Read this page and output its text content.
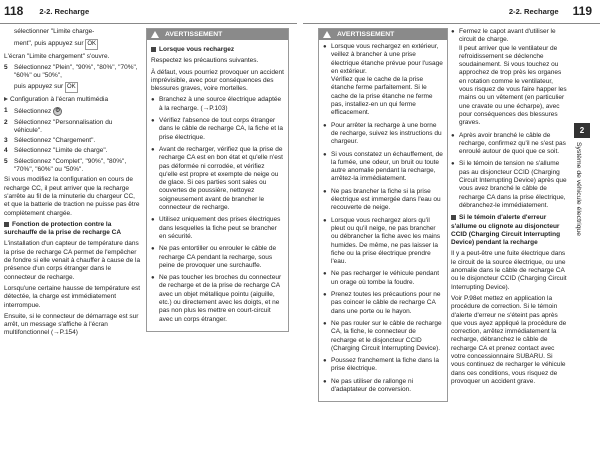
118 2-2. Recharge	2-2. Recharge 119

sélectionner "Limite charge-

ment", puis appuyez sur OK

L'écran "Limite chargement" s'ouvre.

5 Sélectionnez "Plein", "90%", "80%", "70%", "60%" ou "50%",

puis appuyez sur OK

Configuration à l'écran multimédia

1 Sélectionnez ⚙
2 Sélectionnez "Personnalisation du véhicule".
3 Sélectionnez "Chargement".
4 Sélectionnez "Limite de charge".
5 Sélectionnez "Complet", "90%", "80%", "70%", "60%" ou "50%".

Si vous modifiez la configuration en cours de recharge CC, il peut arriver que la recharge s'arrête au fil de la minuterie du chargeur CC, et que la batterie de traction ne puisse pas être complètement chargée.

Fonction de protection contre la surchauffe de la prise de recharge CA

L'installation d'un capteur de température dans la prise de recharge CA permet de l'empêcher de fondre si elle venait à chauffer à cause de la présence d'un corps étranger dans le connecteur de recharge.

Lorsqu'une certaine hausse de température est détectée, la charge est immédiatement interrompue.

Ensuite, si le connecteur de démarrage est sur arrêt, un message s'affiche à l'écran multifonctionnel (→P.154)

AVERTISSEMENT

Lorsque vous rechargez

Respectez les précautions suivantes.

À défaut, vous pourriez provoquer un accident imprévisible, avec pour conséquences des blessures graves, voire mortelles.

● Branchez à une source électrique adaptée à la recharge. (→P.103)
● Vérifiez l'absence de tout corps étranger dans le câble de recharge CA, la fiche et la prise électrique.
● Avant de recharger, vérifiez que la prise de recharge CA est en bon état et qu'elle n'est pas déformée ni corrodée, et vérifiez qu'elle est propre et exempte de neige ou de glace. Si ces parties sont sales ou couvertes de poussière, nettoyez soigneusement avant de brancher le connecteur de recharge.
● Utilisez uniquement des prises électriques dans lesquelles la fiche peut se brancher en sécurité.
● Ne pas entortiller ou enrouler le câble de recharge CA pendant la recharge, sous peine de provoquer une surchauffe.
● Ne pas toucher les broches du connecteur de recharge et de la prise de recharge CA avec un objet métallique pointu (aiguille, etc.) ou directement avec les doigts, et ne pas non plus les mettre en court-circuit avec un corps étranger.
AVERTISSEMENT
● Lorsque vous rechargez en extérieur, veillez à brancher à une prise électrique étanche prévue pour l'usage en extérieur.
Vérifiez que le cache de la prise étanche ferme parfaitement. Si le cache de la prise étanche ne ferme pas, installez-en un qui ferme efficacement.
● Pour arrêter la recharge à une borne de recharge, suivez les instructions du chargeur.
● Si vous constatez un échauffement, de la fumée, une odeur, un bruit ou toute autre anomalie pendant la recharge, arrêtez-la immédiatement.
● Ne pas brancher la fiche si la prise électrique est immergée dans l'eau ou recouverte de neige.
● Lorsque vous rechargez alors qu'il pleut ou qu'il neige, ne pas brancher ou débrancher la fiche avec les mains humides. De même, ne pas laisser la fiche ou la prise électrique prendre l'eau.
● Ne pas recharger le véhicule pendant un orage où tombe la foudre.
● Prenez toutes les précautions pour ne pas coincer le câble de recharge CA dans une porte ou le hayon.
● Ne pas rouler sur le câble de recharge CA, la fiche, le connecteur de recharge et le disjoncteur CCID (Charging Circuit Interrupting Device).
● Poussez franchement la fiche dans la prise électrique.
● Ne pas utiliser de rallonge ni d'adaptateur de conversion.
● Fermez le capot avant d'utiliser le circuit de charge.
Il peut arriver que le ventilateur de refroidissement se déclenche soudainement. Si vous touchez ou approchez de trop près les organes en rotation comme le ventilateur, vous risquez de vous faire happer les mains ou un vêtement (en particulier une cravate ou une écharpe), avec pour conséquences des blessures graves.
● Après avoir branché le câble de recharge, confirmez qu'il ne s'est pas enroulé autour de quoi que ce soit.
● Si le témoin de tension ne s'allume pas au disjoncteur CCID (Charging Circuit Interrupting Device) après que vous avez branché le câble de recharge CA dans la prise électrique, débranchez-le immédiatement.

Si le témoin d'alerte d'erreur s'allume ou clignote au disjoncteur CCID (Charging Circuit Interrupting Device) pendant la recharge

Il y a peut-être une fuite électrique dans le circuit de la source électrique, ou une anomalie dans le câble de recharge CA ou le disjoncteur CCID (Charging Circuit Interrupting Device).

Voir P.98et mettez en application la procédure de correction. Si le témoin d'alerte d'erreur ne s'éteint pas après que vous ayez appliqué la procédure de correction, arrêtez immédiatement la recharge, débranchez le câble de recharge CA et prenez contact avec votre concessionnaire SUBARU. Si vous continuez de recharger le véhicule dans ces conditions, vous risquez de provoquer un accident grave.

2
Système de véhicule électrique
